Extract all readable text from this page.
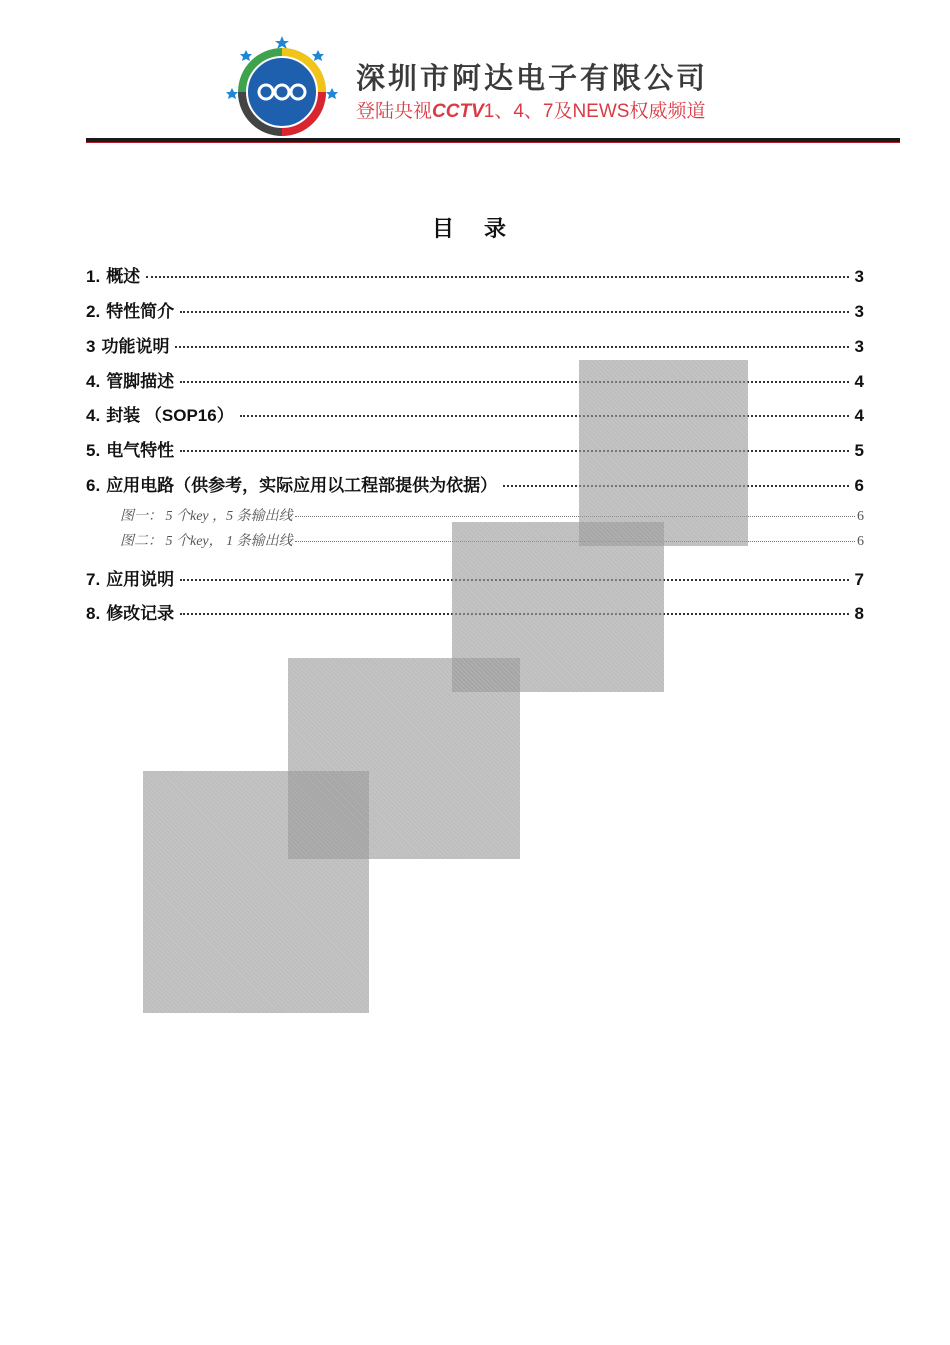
深圳市阿达电子有限公司
登陆央视CCTV1、4、7及NEWS权威频道
目 录
1. 概述	3
2. 特性简介	3
3 功能说明	3
4. 管脚描述	4
4. 封装 （SOP16）	4
5. 电气特性	5
6. 应用电路（供参考，实际应用以工程部提供为依据）	6
图一： 5 个key ，5 条输出线	6
图二： 5 个key， 1 条输出线	6
7. 应用说明	7
8. 修改记录	8
